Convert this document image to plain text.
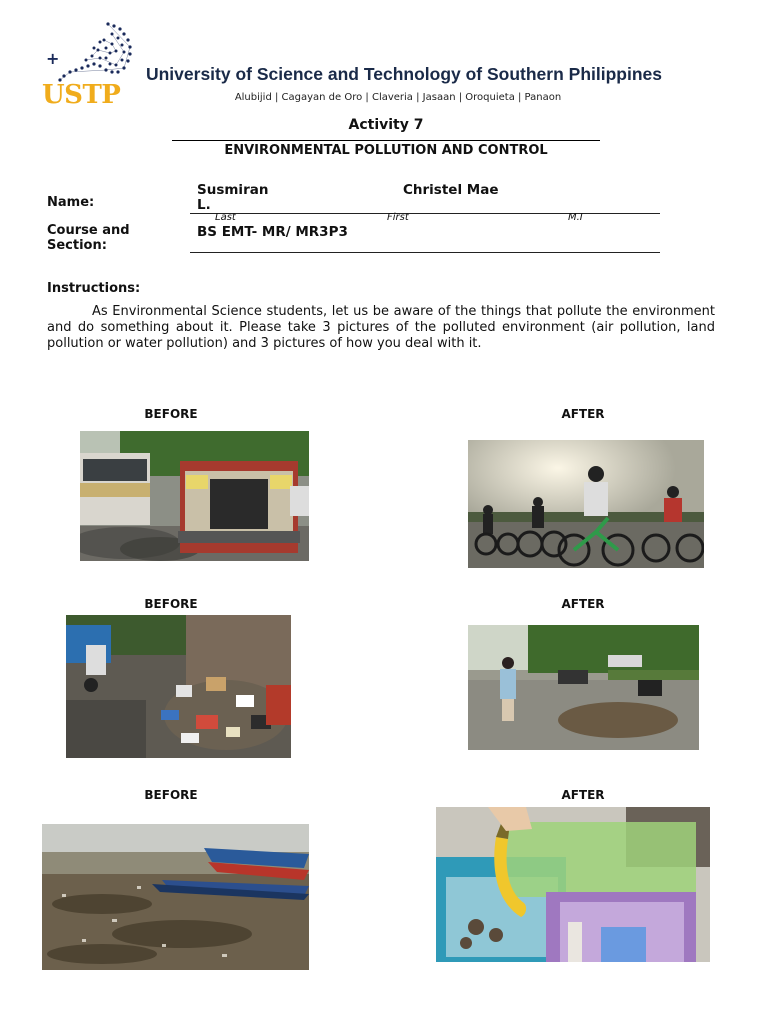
+
USTP
University of Science and Technology of Southern Philippines
Alubijid | Cagayan de Oro | Claveria | Jasaan | Oroquieta | Panaon
Activity 7
ENVIRONMENTAL POLLUTION AND CONTROL
Name:
Susmiran
L.
Christel Mae
Last	First	M.I
Course and
Section:
BS EMT- MR/ MR3P3
Instructions:
As Environmental Science students, let us be aware of the things that pollute the environment and do something about it. Please take 3 pictures of the polluted environment (air pollution, land pollution or water pollution) and 3 pictures of how you deal with it.
BEFORE	AFTER
BEFORE	AFTER
BEFORE	AFTER
